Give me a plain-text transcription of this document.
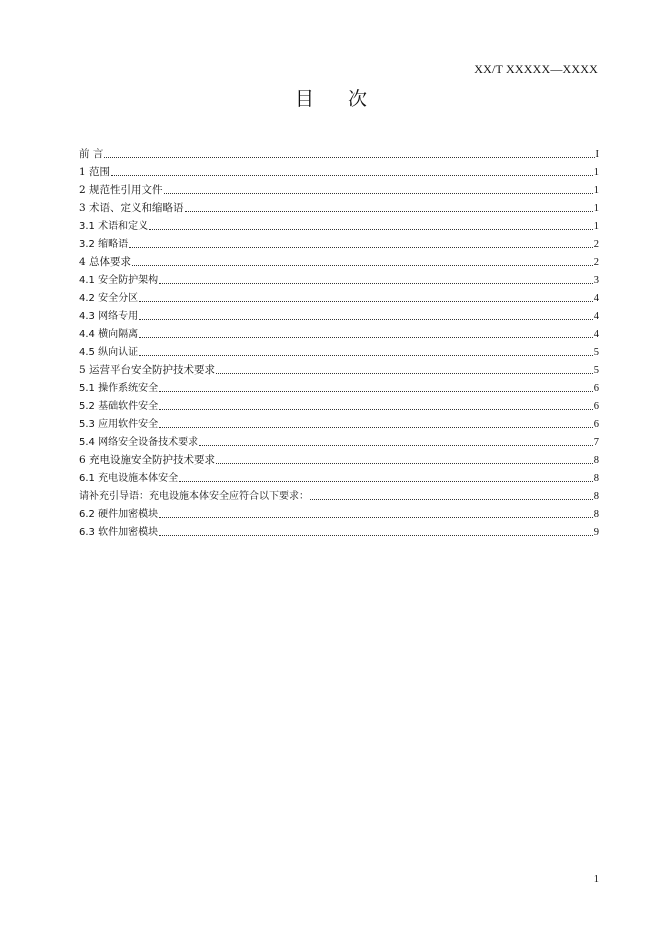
XX/T XXXXX—XXXX
目 次
前 言	I
1 范围	1
2 规范性引用文件	1
3 术语、定义和缩略语	1
3.1 术语和定义	1
3.2 缩略语	2
4 总体要求	2
4.1 安全防护架构	3
4.2 安全分区	4
4.3 网络专用	4
4.4 横向隔离	4
4.5 纵向认证	5
5 运营平台安全防护技术要求	5
5.1 操作系统安全	6
5.2 基础软件安全	6
5.3 应用软件安全	6
5.4 网络安全设备技术要求	7
6 充电设施安全防护技术要求	8
6.1 充电设施本体安全	8
请补充引导语：充电设施本体安全应符合以下要求：	8
6.2 硬件加密模块	8
6.3 软件加密模块	9
1
